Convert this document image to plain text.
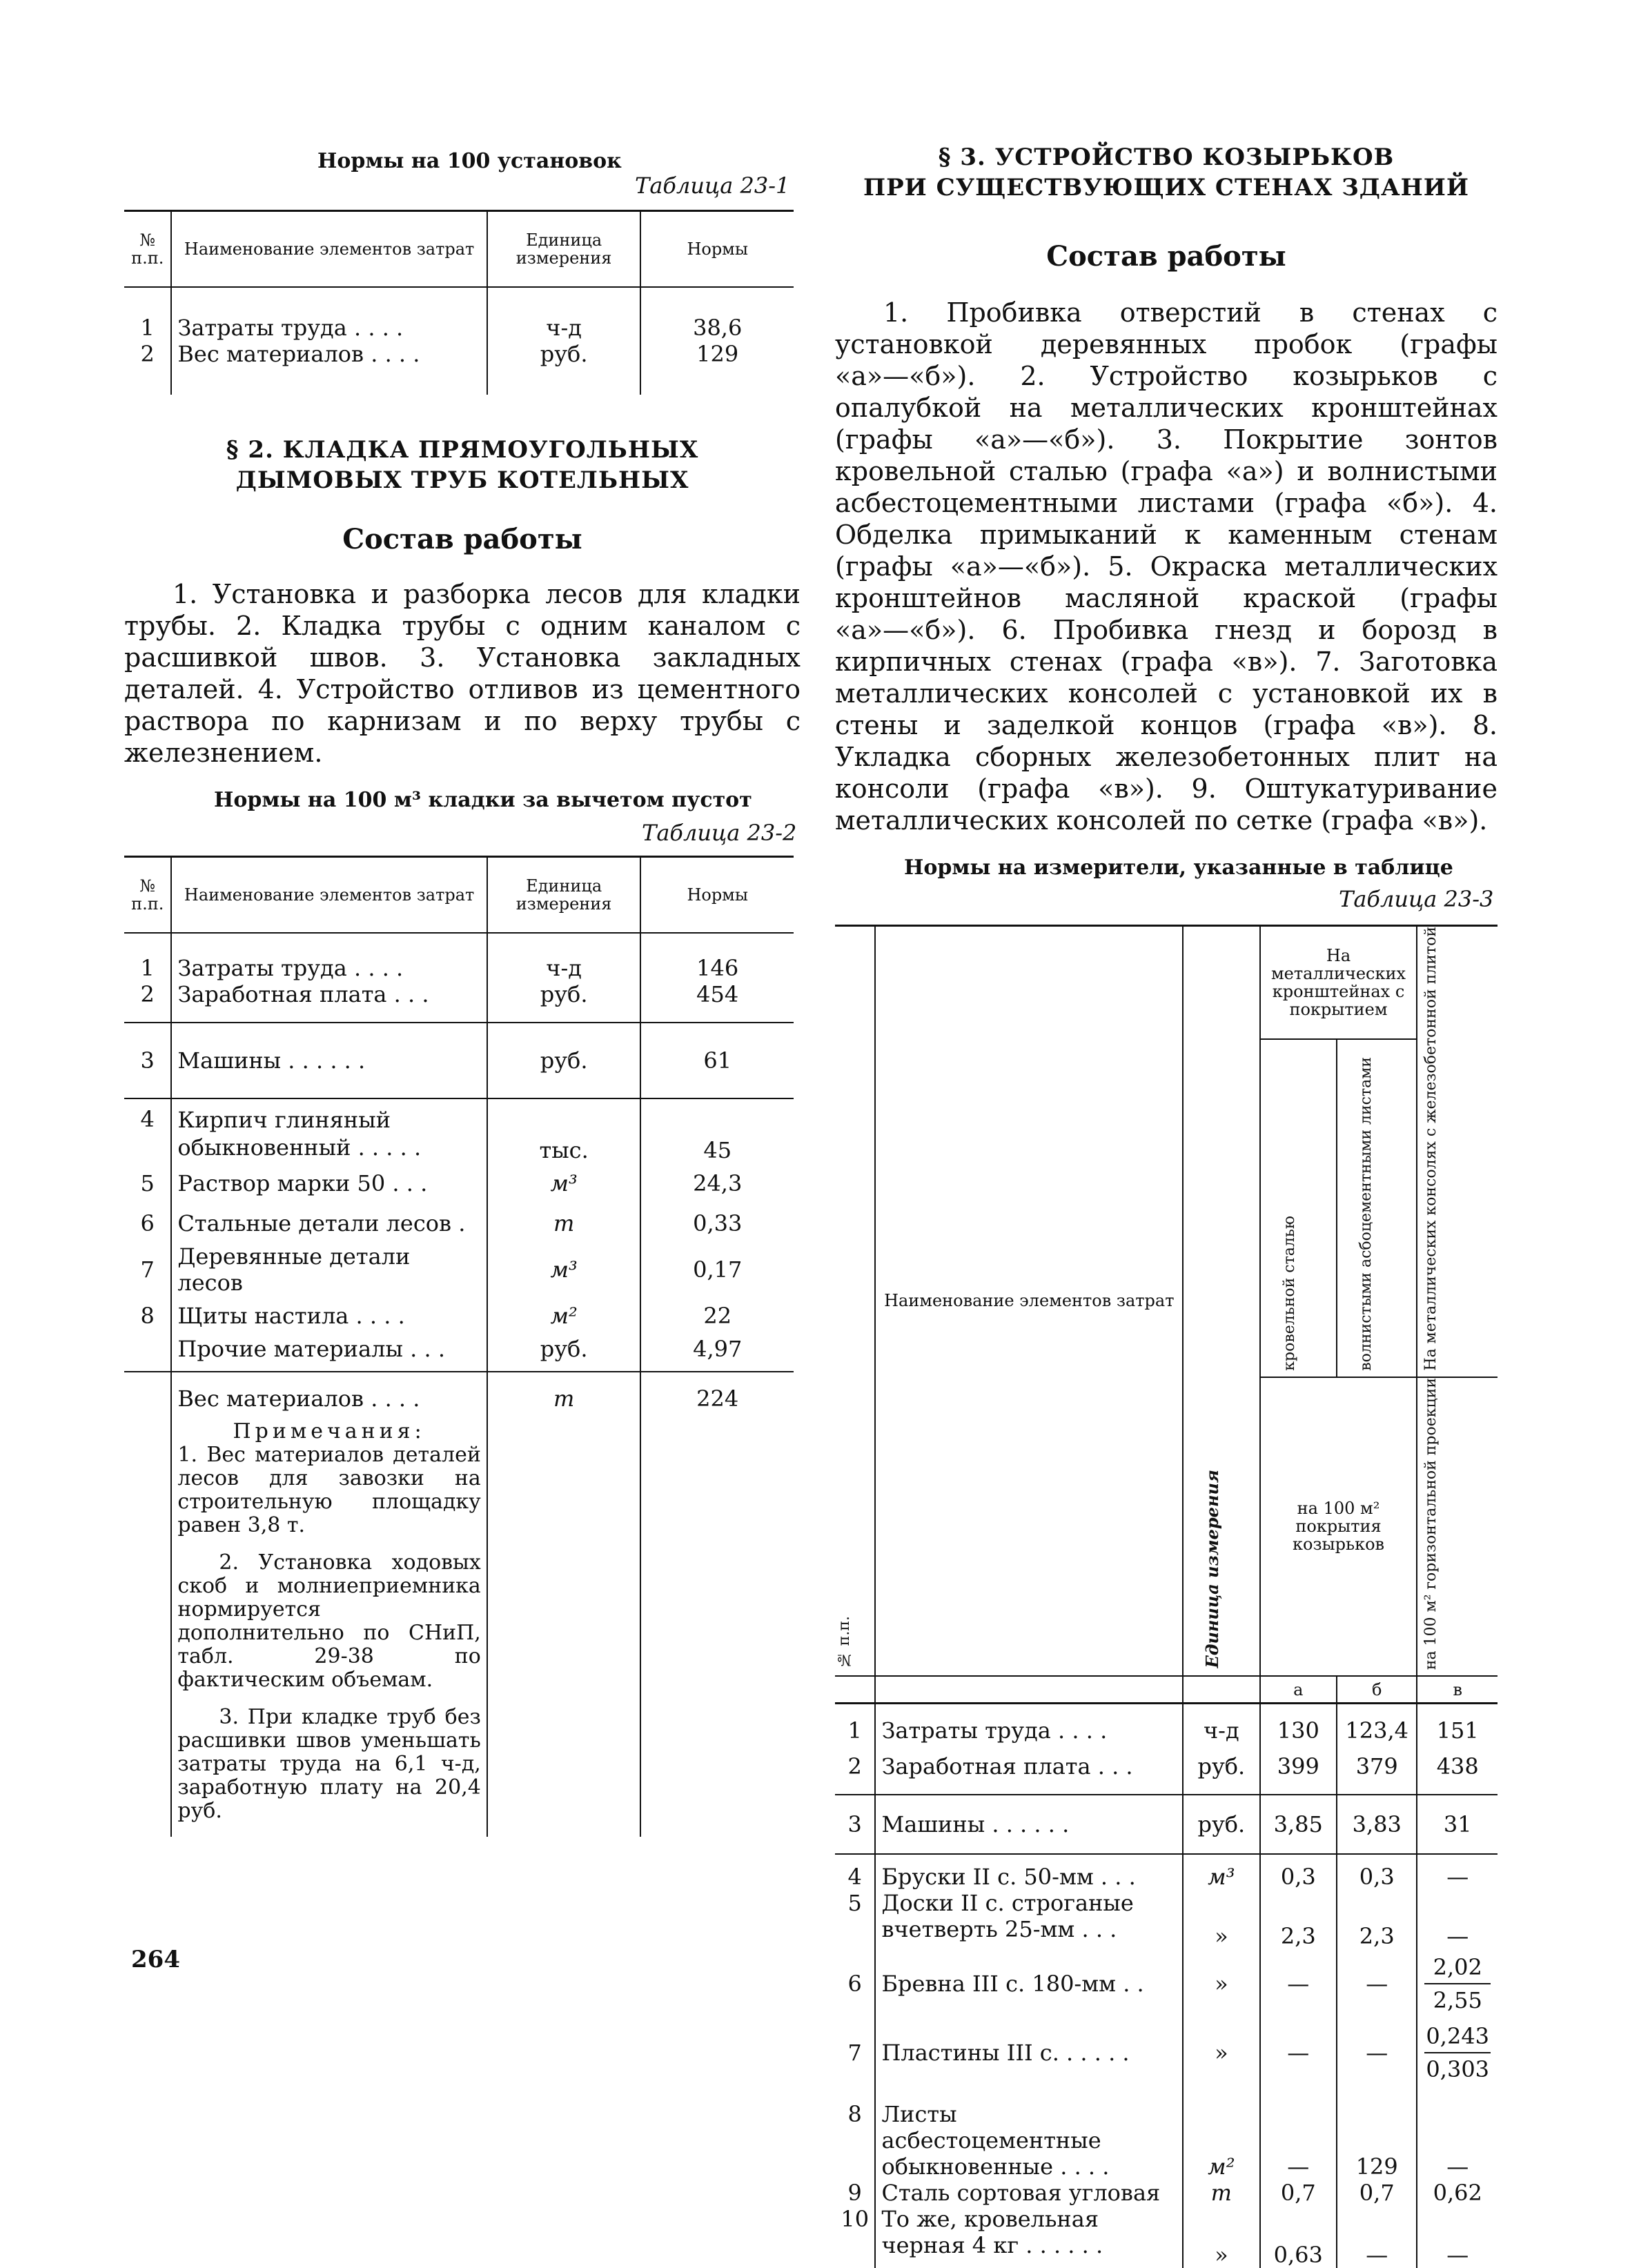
Нормы на 100 установок
Таблица 23-1
№ п.п.	Наименование элементов затрат	Единица измерения	Нормы

1	Затраты труда . . . .	ч-д	38,6
2	Вес материалов . . . .	руб.	129

§ 2. КЛАДКА ПРЯМОУГОЛЬНЫХ
ДЫМОВЫХ ТРУБ КОТЕЛЬНЫХ
Состав работы
1. Установка и разборка лесов для кладки трубы. 2. Кладка трубы с одним каналом с расшивкой швов. 3. Установка закладных деталей. 4. Устройство отливов из цементного раствора по карнизам и по верху трубы с железнением.
Нормы на 100 м³ кладки за вычетом пустот
Таблица 23-2
№ п.п.	Наименование элементов затрат	Единица измерения	Нормы
1	Затраты труда . . . .	ч-д	146
2	Заработная плата . . .	руб.	454
3	Машины . . . . . .	руб.	61
4	Кирпич глиняный обыкновенный . . . . .	тыс.	45
5	Раствор марки 50 . . .	м³	24,3
6	Стальные детали лесов .	т	0,33
7	Деревянные детали лесов	м³	0,17
8	Щиты настила . . . .	м²	22
	Прочие материалы . . .	руб.	4,97

	Вес материалов . . . .	т	224

	Примечания:
1. Вес материалов деталей лесов для завозки на строительную площадку равен 3,8 т.
2. Установка ходовых скоб и молниеприемника нормируется дополнительно по СНиП, табл. 29-38 по фактическим объемам.
3. При кладке труб без расшивки швов уменьшать затраты труда на 6,1 ч-д, заработную плату на 20,4 руб.		

264
§ 3. УСТРОЙСТВО КОЗЫРЬКОВ
ПРИ СУЩЕСТВУЮЩИХ СТЕНАХ ЗДАНИЙ
Состав работы
1. Пробивка отверстий в стенах с установкой деревянных пробок (графы «а»—«б»). 2. Устройство козырьков с опалубкой на металлических кронштейнах (графы «а»—«б»). 3. Покрытие зонтов кровельной сталью (графа «а») и волнистыми асбестоцементными листами (графа «б»). 4. Обделка примыканий к каменным стенам (графы «а»—«б»). 5. Окраска металлических кронштейнов масляной краской (графы «а»—«б»). 6. Пробивка гнезд и борозд в кирпичных стенах (графа «в»). 7. Заготовка металлических консолей с установкой их в стены и заделкой концов (графа «в»). 8. Укладка сборных железобетонных плит на консоли (графа «в»). 9. Оштукатуривание металлических консолей по сетке (графа «в»).
Нормы на измерители, указанные в таблице
Таблица 23-3
№ п.п.	Наименование элементов затрат	Единица измерения	На металлических кронштейнах с покрытием		На металлических консолях с железобетонной плитой

			кровельной сталью	волнистыми асбоцементными листами	

			на 100 м² покрытия козырьков		на 100 м² горизонтальной проекции

			а	б	в

1	Затраты труда . . . .	ч-д	130	123,4	151
2	Заработная плата . . .	руб.	399	379	438
3	Машины . . . . . .	руб.	3,85	3,83	31
4	Бруски II с. 50-мм . . .	м³	0,3	0,3	—
5	Доски II с. строганые вчетверть 25-мм . . .	»	2,3	2,3	—
6	Бревна III с. 180-мм . .	»	—	—	2,02
2,55

7	Пластины III с. . . . . .	»	—	—	0,243
0,303

8	Листы асбестоцементные обыкновенные . . . .	м²	—	129	—
9	Сталь сортовая угловая	т	0,7	0,7	0,62
10	То же, кровельная черная 4 кг . . . . . .	»	0,63	—	—
